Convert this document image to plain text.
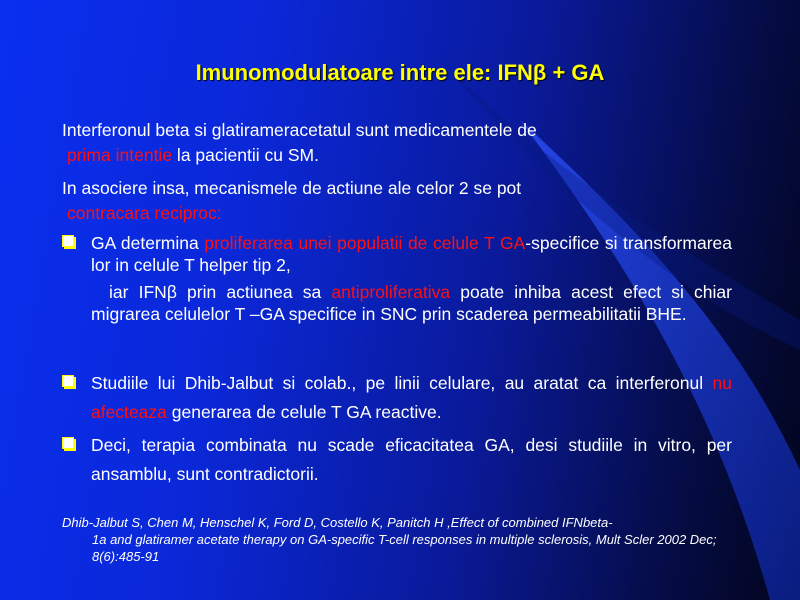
Imunomodulatoare intre ele: IFNβ + GA
Interferonul beta si glatirameracetatul sunt medicamentele de
prima intentie la pacientii cu SM.
In asociere insa, mecanismele de actiune ale celor 2 se pot
contracara reciproc:
GA determina proliferarea unei populatii de celule T GA-specifice si transformarea lor in celule T helper tip 2,
iar IFNβ prin actiunea sa antiproliferativa poate inhiba acest efect si chiar migrarea celulelor T –GA specifice in SNC prin scaderea permeabilitatii BHE.
Studiile lui Dhib-Jalbut si colab., pe linii celulare, au aratat ca interferonul nu afecteaza generarea de celule T GA reactive.
Deci, terapia combinata nu scade eficacitatea GA, desi studiile in vitro, per ansamblu, sunt contradictorii.
Dhib-Jalbut S, Chen M, Henschel K, Ford D, Costello K, Panitch H ,Effect of combined IFNbeta-
1a and glatiramer acetate therapy on GA-specific T-cell responses in multiple sclerosis, Mult Scler 2002 Dec; 8(6):485-91
